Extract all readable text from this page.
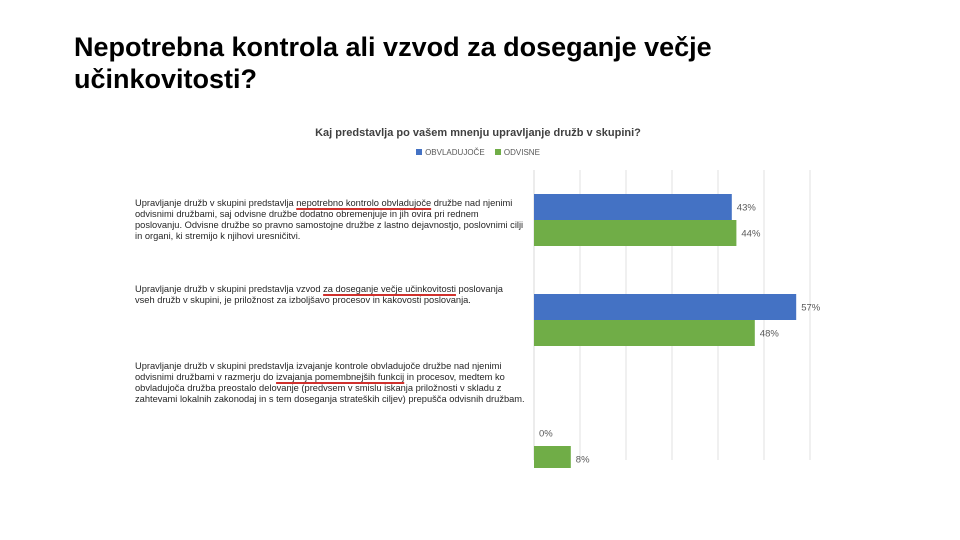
Nepotrebna kontrola ali vzvod za doseganje večje učinkovitosti?
Kaj predstavlja po vašem mnenju upravljanje družb v skupini?
OBVLADUJOČE ODVISNE
Upravljanje družb v skupini predstavlja nepotrebno kontrolo obvladujoče družbe nad njenimi odvisnimi družbami, saj odvisne družbe dodatno obremenjuje in jih ovira pri rednem poslovanju. Odvisne družbe so pravno samostojne družbe z lastno dejavnostjo, poslovnimi cilji in organi, ki stremijo k njihovi uresničitvi.
Upravljanje družb v skupini predstavlja vzvod za doseganje večje učinkovitosti poslovanja vseh družb v skupini, je priložnost za izboljšavo procesov in kakovosti poslovanja.
Upravljanje družb v skupini predstavlja izvajanje kontrole obvladujoče družbe nad njenimi odvisnimi družbami v razmerju do izvajanja pomembnejših funkcij in procesov, medtem ko obvladujoča družba preostalo delovanje (predvsem v smislu iskanja priložnosti v skladu z zahtevami lokalnih zakonodaj in s tem doseganja strateških ciljev) prepušča odvisnih družbam.
43%
57%
0%
44%
48%
8%
